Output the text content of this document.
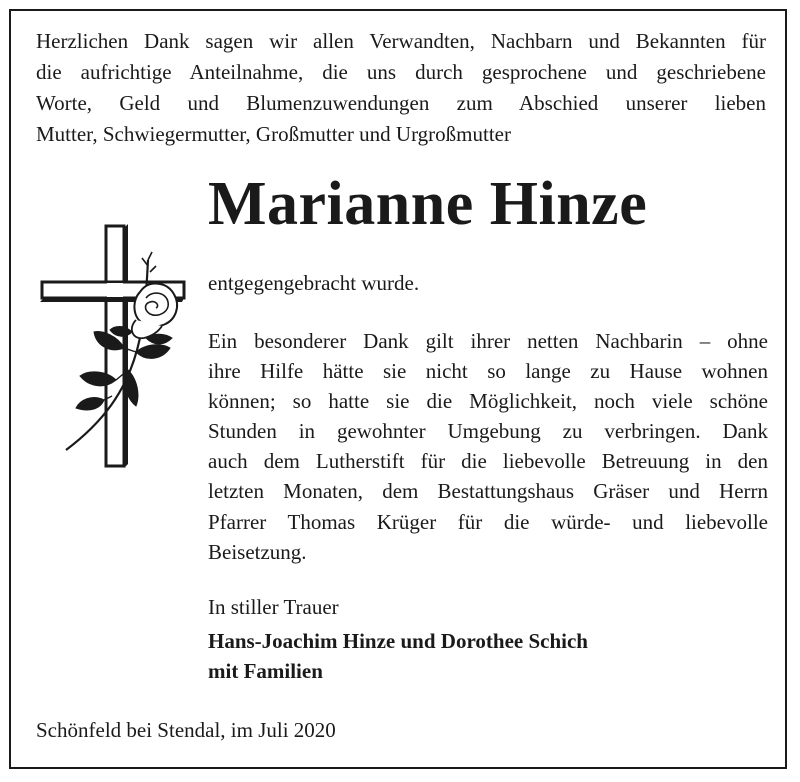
Herzlichen Dank sagen wir allen Verwandten, Nachbarn und Bekannten für
die aufrichtige Anteilnahme, die uns durch gesprochene und geschriebene
Worte, Geld und Blumenzuwendungen zum Abschied unserer lieben
Mutter, Schwiegermutter, Großmutter und Urgroßmutter

Marianne Hinze

entgegengebracht wurde.

Ein besonderer Dank gilt ihrer netten Nachbarin – ohne
ihre Hilfe hätte sie nicht so lange zu Hause wohnen
können; so hatte sie die Möglichkeit, noch viele schöne
Stunden in gewohnter Umgebung zu verbringen. Dank
auch dem Lutherstift für die liebevolle Betreuung in den
letzten Monaten, dem Bestattungshaus Gräser und Herrn
Pfarrer Thomas Krüger für die würde- und liebevolle
Beisetzung.

In stiller Trauer

Hans-Joachim Hinze und Dorothee Schich
mit Familien

Schönfeld bei Stendal, im Juli 2020
